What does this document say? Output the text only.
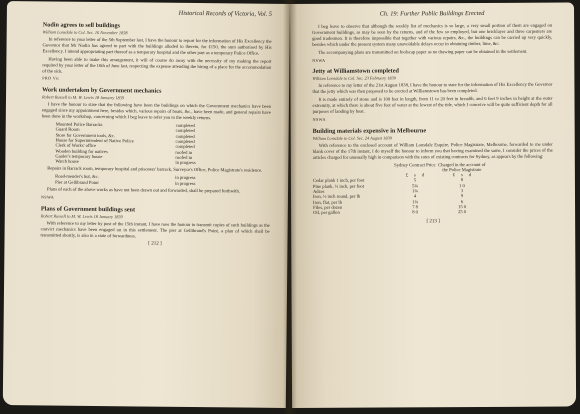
Historical Records of Victoria, Vol. 5
Nodin agrees to sell buildings
William Lonsdale to Col. Sec. 16 November 1838

In reference to your letter of the 5th September last, I have the honour to report for the information of His Excellency the Governor that Mr Nodin has agreed to part with the buildings alluded to therein, for £150, the sum authorised by His Excellency. I intend appropriating part thereof as a temporary hospital and the other part as a temporary Police Office.

Having been able to make this arrangement, it will of course do away with the necessity of my making the report required by your letter of the 16th of June last, respecting the expense attending the hiring of a place for the accommodation of the sick.

PRO Vic

Work undertaken by Government mechanics
Robert Russell to M. W. Lewis 18 January 1839

I have the honour to state that the following have been the buildings on which the Government mechanics have been engaged since my appointment here, besides which, various repairs of boats, &c., have been made, and general repairs have been done in the workshop, concerning which I beg leave to refer you to the weekly returns.

Mounted Police Barracks	completed
Guard Room	completed
Store for Government tools, &c.	completed
House for Superintendent of Native Police	completed
Clerk of Works' office	completed
Wooden building for natives	roofed in
Gaoler's temporary house	roofed in
Watch house	in progress

Repairs in Barrack room, temporary hospital and prisoners' barrack, Surveyor's Office, Police Magistrate's residence.

Road-mender's hut, &c.	in progress
Pier at Gellibrand Point	in progress

Plans of each of the above works as have not been drawn out and forwarded, shall be prepared forthwith.

NSWA

Plans of Government buildings sent
Robert Russell to M. W. Lewis 18 January 1839

With reference to my letter by post of the 15th instant, I have now the honour to transmit copies of such buildings as the convict mechanics have been engaged on in this settlement. The pier at Gellibrand's Point, a plan of which shall be transmitted shortly, is also in a state of forwardness.

[ 212 ]
Ch. 19: Further Public Buildings Erected

I beg leave to observe that although the weekly list of mechanics is so large, a very small portion of them are engaged on Government buildings, as may be seen by the returns, and of the few so employed, but one bricklayer and three carpenters are good tradesmen. It is therefore impossible that together with various repairs, &c., the buildings can be carried up very quickly, besides which under the present system many unavoidable delays occur in obtaining timber, lime, &c.

The accompanying plans are transmitted on foolscap paper as no drawing paper can be obtained in the settlement.

NSWA

Jetty at Williamstown completed
William Lonsdale to Col. Sec. 23 February 1839

In reference to my letter of the 21st August 1838, I have the honour to state for the information of His Excellency the Governor that the jetty which was then proposed to be erected at Williamstown has been completed.

It is made entirely of stone and is 100 feet in length, from 11 to 20 feet in breadth, and 6 feet 9 inches in height at the outer extremity, at which there is about five feet of water at the lowest of the tide, which I conceive will be quite sufficient depth for all purposes of landing by boat.

NSWA

Building materials expensive in Melbourne
William Lonsdale to Col. Sec. 24 August 1839

With reference to the enclosed account of William Lonsdale Esquire, Police Magistrate, Melbourne, forwarded to me under blank cover of the 17th instant, I do myself the honour to inform you that having examined the same, I consider the prices of the articles charged for unusually high in comparison with the rates of existing contracts for Sydney, as appears by the following:

Sydney Contract Price Charged in the account of the Police Magistrate
£ s d	£ s d
Cedar plank 1 inch, per foot	5	8
Pine plank, ½ inch, per foot	5¾	1 0
Adzes	1¾	3
Iron, ½ inch round, per lb	4	9
Iron, flat, per lb	1¾	6
Files, per dozen	7 8	15 0
Oil, per gallon	8 0	25 0
[ 213 ]
